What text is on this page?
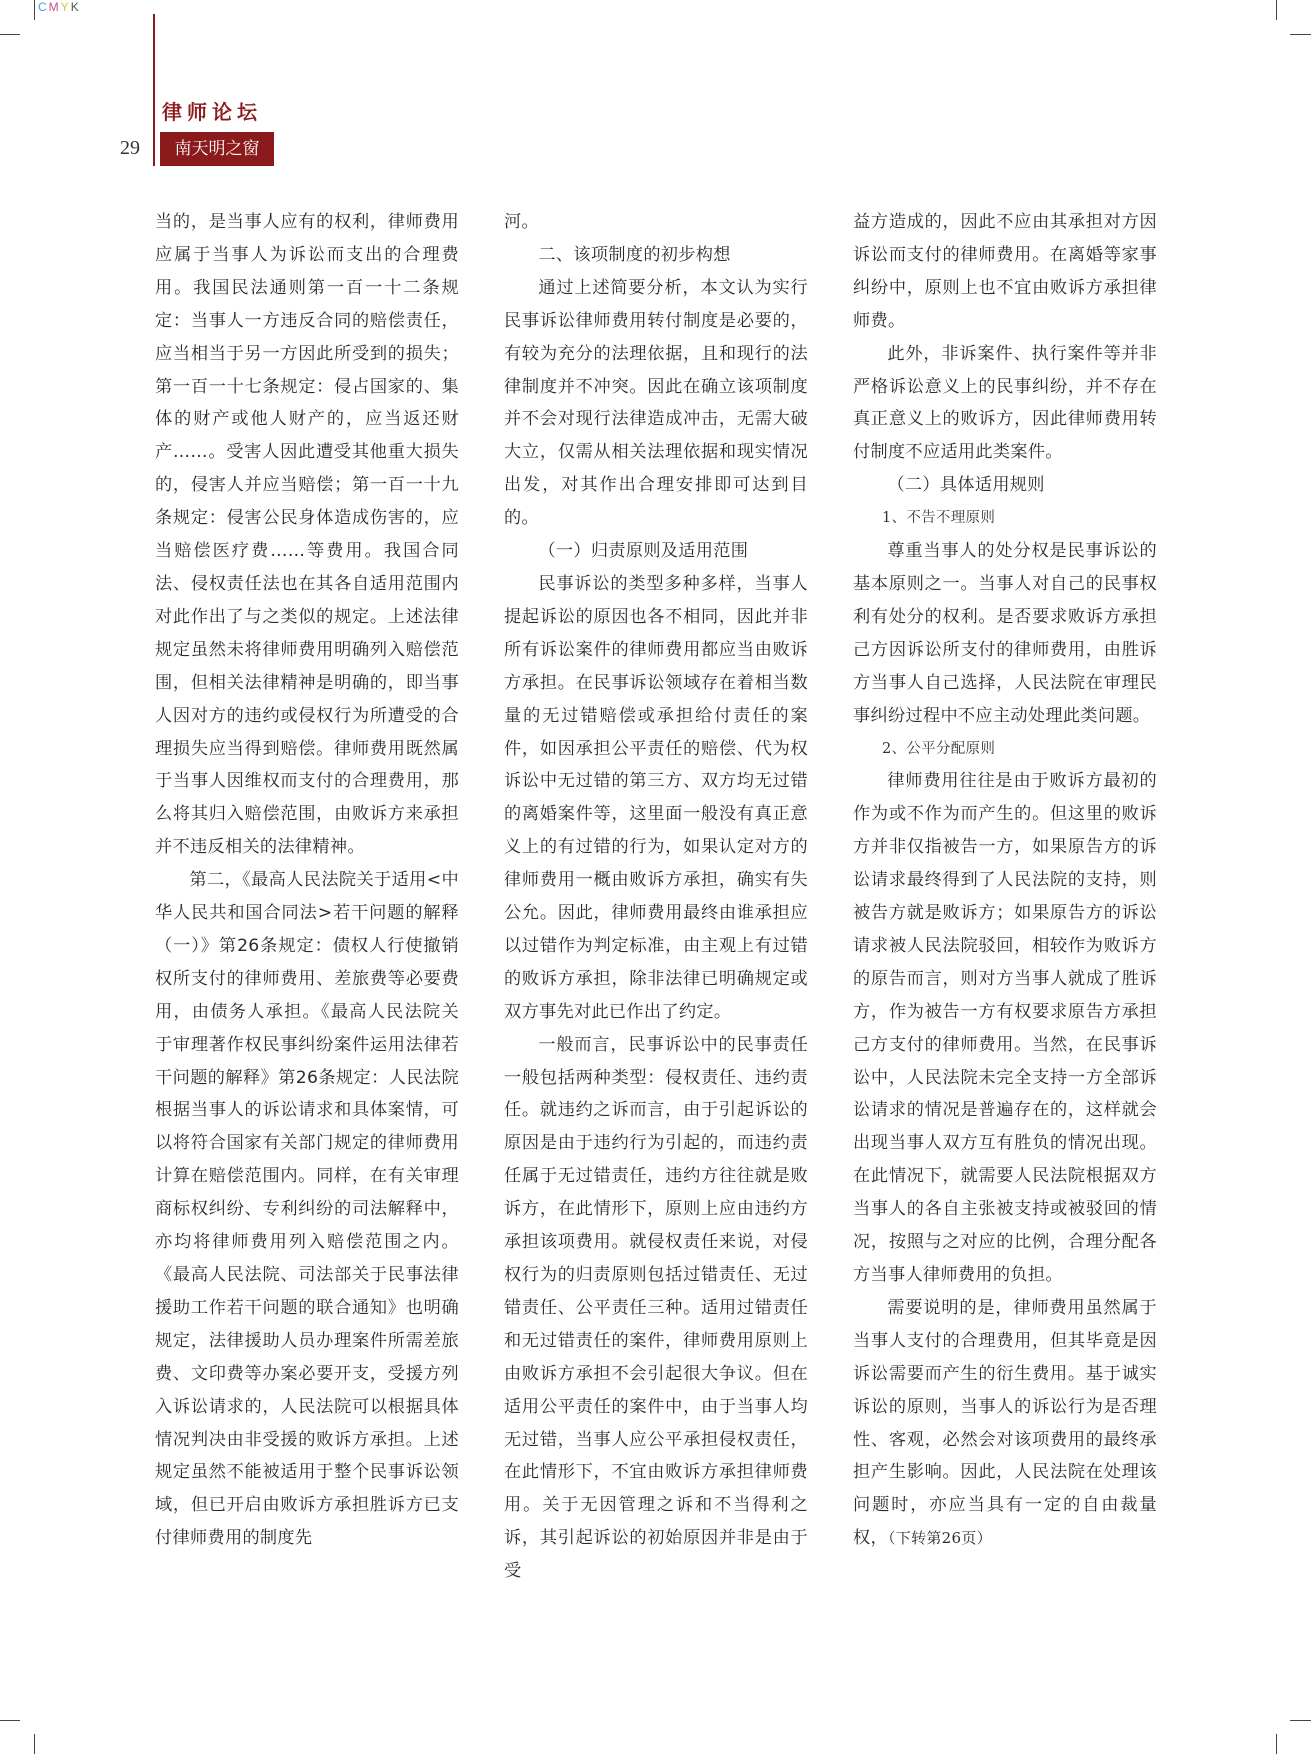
CMYK
律师论坛
29	南天明之窗

当的，是当事人应有的权利，律师费用应属于当事人为诉讼而支出的合理费用。我国民法通则第一百一十二条规定：当事人一方违反合同的赔偿责任，应当相当于另一方因此所受到的损失；第一百一十七条规定：侵占国家的、集体的财产或他人财产的，应当返还财产……。受害人因此遭受其他重大损失的，侵害人并应当赔偿；第一百一十九条规定：侵害公民身体造成伤害的，应当赔偿医疗费……等费用。我国合同法、侵权责任法也在其各自适用范围内对此作出了与之类似的规定。上述法律规定虽然未将律师费用明确列入赔偿范围，但相关法律精神是明确的，即当事人因对方的违约或侵权行为所遭受的合理损失应当得到赔偿。律师费用既然属于当事人因维权而支付的合理费用，那么将其归入赔偿范围，由败诉方来承担并不违反相关的法律精神。

第二，《最高人民法院关于适用<中华人民共和国合同法>若干问题的解释（一）》第26条规定：债权人行使撤销权所支付的律师费用、差旅费等必要费用，由债务人承担。《最高人民法院关于审理著作权民事纠纷案件运用法律若干问题的解释》第26条规定：人民法院根据当事人的诉讼请求和具体案情，可以将符合国家有关部门规定的律师费用计算在赔偿范围内。同样，在有关审理商标权纠纷、专利纠纷的司法解释中，亦均将律师费用列入赔偿范围之内。《最高人民法院、司法部关于民事法律援助工作若干问题的联合通知》也明确规定，法律援助人员办理案件所需差旅费、文印费等办案必要开支，受援方列入诉讼请求的，人民法院可以根据具体情况判决由非受援的败诉方承担。上述规定虽然不能被适用于整个民事诉讼领域，但已开启由败诉方承担胜诉方已支付律师费用的制度先

河。

二、该项制度的初步构想

通过上述简要分析，本文认为实行民事诉讼律师费用转付制度是必要的，有较为充分的法理依据，且和现行的法律制度并不冲突。因此在确立该项制度并不会对现行法律造成冲击，无需大破大立，仅需从相关法理依据和现实情况出发，对其作出合理安排即可达到目的。

（一）归责原则及适用范围

民事诉讼的类型多种多样，当事人提起诉讼的原因也各不相同，因此并非所有诉讼案件的律师费用都应当由败诉方承担。在民事诉讼领域存在着相当数量的无过错赔偿或承担给付责任的案件，如因承担公平责任的赔偿、代为权诉讼中无过错的第三方、双方均无过错的离婚案件等，这里面一般没有真正意义上的有过错的行为，如果认定对方的律师费用一概由败诉方承担，确实有失公允。因此，律师费用最终由谁承担应以过错作为判定标准，由主观上有过错的败诉方承担，除非法律已明确规定或双方事先对此已作出了约定。

一般而言，民事诉讼中的民事责任一般包括两种类型：侵权责任、违约责任。就违约之诉而言，由于引起诉讼的原因是由于违约行为引起的，而违约责任属于无过错责任，违约方往往就是败诉方，在此情形下，原则上应由违约方承担该项费用。就侵权责任来说，对侵权行为的归责原则包括过错责任、无过错责任、公平责任三种。适用过错责任和无过错责任的案件，律师费用原则上由败诉方承担不会引起很大争议。但在适用公平责任的案件中，由于当事人均无过错，当事人应公平承担侵权责任，在此情形下，不宜由败诉方承担律师费用。关于无因管理之诉和不当得利之诉，其引起诉讼的初始原因并非是由于受

益方造成的，因此不应由其承担对方因诉讼而支付的律师费用。在离婚等家事纠纷中，原则上也不宜由败诉方承担律师费。

此外，非诉案件、执行案件等并非严格诉讼意义上的民事纠纷，并不存在真正意义上的败诉方，因此律师费用转付制度不应适用此类案件。

（二）具体适用规则

1、不告不理原则

尊重当事人的处分权是民事诉讼的基本原则之一。当事人对自己的民事权利有处分的权利。是否要求败诉方承担己方因诉讼所支付的律师费用，由胜诉方当事人自己选择，人民法院在审理民事纠纷过程中不应主动处理此类问题。

2、公平分配原则

律师费用往往是由于败诉方最初的作为或不作为而产生的。但这里的败诉方并非仅指被告一方，如果原告方的诉讼请求最终得到了人民法院的支持，则被告方就是败诉方；如果原告方的诉讼请求被人民法院驳回，相较作为败诉方的原告而言，则对方当事人就成了胜诉方，作为被告一方有权要求原告方承担己方支付的律师费用。当然，在民事诉讼中，人民法院未完全支持一方全部诉讼请求的情况是普遍存在的，这样就会出现当事人双方互有胜负的情况出现。在此情况下，就需要人民法院根据双方当事人的各自主张被支持或被驳回的情况，按照与之对应的比例，合理分配各方当事人律师费用的负担。

需要说明的是，律师费用虽然属于当事人支付的合理费用，但其毕竟是因诉讼需要而产生的衍生费用。基于诚实诉讼的原则，当事人的诉讼行为是否理性、客观，必然会对该项费用的最终承担产生影响。因此，人民法院在处理该问题时，亦应当具有一定的自由裁量权，（下转第26页）
